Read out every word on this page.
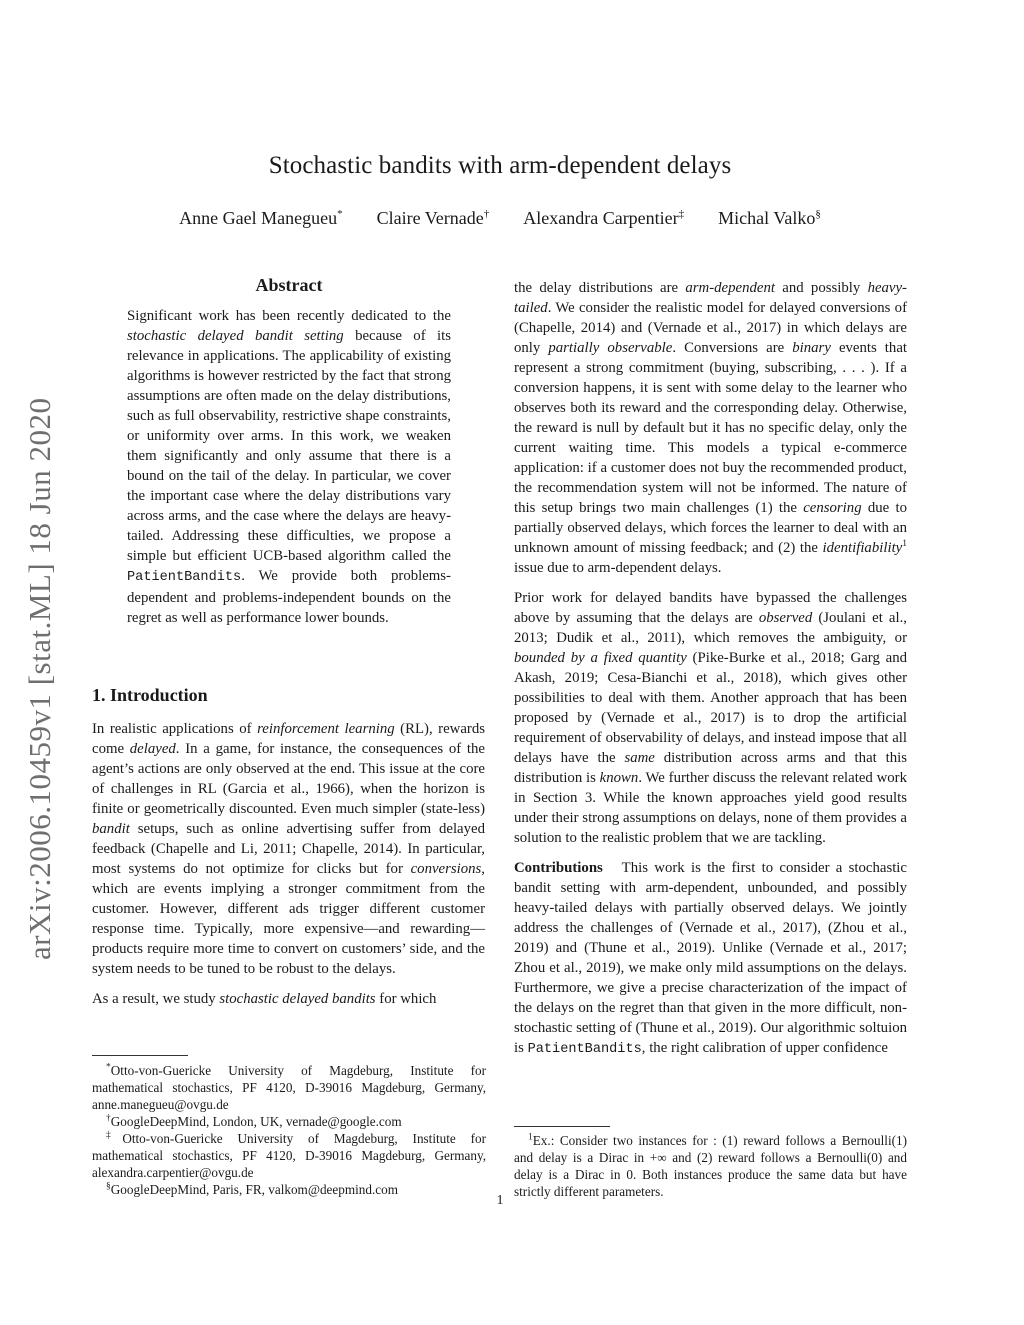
arXiv:2006.10459v1 [stat.ML] 18 Jun 2020
Stochastic bandits with arm-dependent delays
Anne Gael Manegueu* Claire Vernade† Alexandra Carpentier‡ Michal Valko§
Abstract
Significant work has been recently dedicated to the stochastic delayed bandit setting because of its relevance in applications. The applicability of existing algorithms is however restricted by the fact that strong assumptions are often made on the delay distributions, such as full observability, restrictive shape constraints, or uniformity over arms. In this work, we weaken them significantly and only assume that there is a bound on the tail of the delay. In particular, we cover the important case where the delay distributions vary across arms, and the case where the delays are heavy-tailed. Addressing these difficulties, we propose a simple but efficient UCB-based algorithm called the PatientBandits. We provide both problems-dependent and problems-independent bounds on the regret as well as performance lower bounds.
1. Introduction

In realistic applications of reinforcement learning (RL), rewards come delayed. In a game, for instance, the consequences of the agent’s actions are only observed at the end. This issue at the core of challenges in RL (Garcia et al., 1966), when the horizon is finite or geometrically discounted. Even much simpler (state-less) bandit setups, such as online advertising suffer from delayed feedback (Chapelle and Li, 2011; Chapelle, 2014). In particular, most systems do not optimize for clicks but for conversions, which are events implying a stronger commitment from the customer. However, different ads trigger different customer response time. Typically, more expensive—and rewarding—products require more time to convert on customers’ side, and the system needs to be tuned to be robust to the delays.

As a result, we study stochastic delayed bandits for which

*Otto-von-Guericke University of Magdeburg, Institute for mathematical stochastics, PF 4120, D-39016 Magdeburg, Germany, anne.manegueu@ovgu.de

†GoogleDeepMind, London, UK, vernade@google.com

‡Otto-von-Guericke University of Magdeburg, Institute for mathematical stochastics, PF 4120, D-39016 Magdeburg, Germany, alexandra.carpentier@ovgu.de

§GoogleDeepMind, Paris, FR, valkom@deepmind.com

the delay distributions are arm-dependent and possibly heavy-tailed. We consider the realistic model for delayed conversions of (Chapelle, 2014) and (Vernade et al., 2017) in which delays are only partially observable. Conversions are binary events that represent a strong commitment (buying, subscribing, . . . ). If a conversion happens, it is sent with some delay to the learner who observes both its reward and the corresponding delay. Otherwise, the reward is null by default but it has no specific delay, only the current waiting time. This models a typical e-commerce application: if a customer does not buy the recommended product, the recommendation system will not be informed. The nature of this setup brings two main challenges (1) the censoring due to partially observed delays, which forces the learner to deal with an unknown amount of missing feedback; and (2) the identifiability$^1$ issue due to arm-dependent delays.

Prior work for delayed bandits have bypassed the challenges above by assuming that the delays are observed (Joulani et al., 2013; Dudik et al., 2011), which removes the ambiguity, or bounded by a fixed quantity (Pike-Burke et al., 2018; Garg and Akash, 2019; Cesa-Bianchi et al., 2018), which gives other possibilities to deal with them. Another approach that has been proposed by (Vernade et al., 2017) is to drop the artificial requirement of observability of delays, and instead impose that all delays have the same distribution across arms and that this distribution is known. We further discuss the relevant related work in Section 3. While the known approaches yield good results under their strong assumptions on delays, none of them provides a solution to the realistic problem that we are tackling.

Contributions This work is the first to consider a stochastic bandit setting with arm-dependent, unbounded, and possibly heavy-tailed delays with partially observed delays. We jointly address the challenges of (Vernade et al., 2017), (Zhou et al., 2019) and (Thune et al., 2019). Unlike (Vernade et al., 2017; Zhou et al., 2019), we make only mild assumptions on the delays. Furthermore, we give a precise characterization of the impact of the delays on the regret than that given in the more difficult, non-stochastic setting of (Thune et al., 2019). Our algorithmic soltuion is PatientBandits, the right calibration of upper confidence

$^1$Ex.: Consider two instances for : (1) reward follows a Bernoulli(1) and delay is a Dirac in +∞ and (2) reward follows a Bernoulli(0) and delay is a Dirac in 0. Both instances produce the same data but have strictly different parameters.

1
